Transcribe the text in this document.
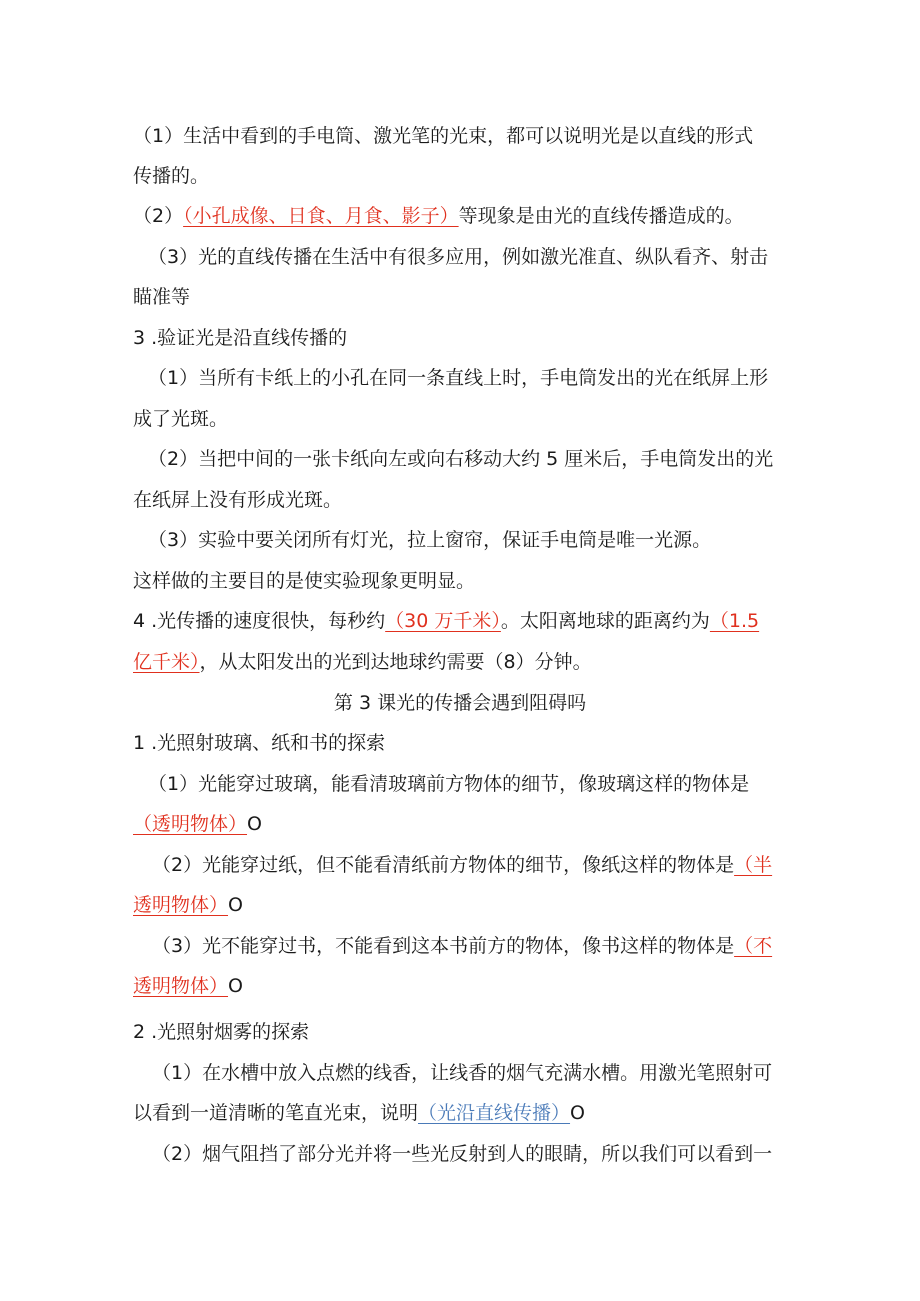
（1）生活中看到的手电筒、激光笔的光束，都可以说明光是以直线的形式
传播的。
（2）（小孔成像、日食、月食、影子）等现象是由光的直线传播造成的。
（3）光的直线传播在生活中有很多应用，例如激光准直、纵队看齐、射击
瞄准等
3 .验证光是沿直线传播的
（1）当所有卡纸上的小孔在同一条直线上时，手电筒发出的光在纸屏上形
成了光斑。
（2）当把中间的一张卡纸向左或向右移动大约 5 厘米后，手电筒发出的光
在纸屏上没有形成光斑。
（3）实验中要关闭所有灯光，拉上窗帘，保证手电筒是唯一光源。
这样做的主要目的是使实验现象更明显。
4 .光传播的速度很快，每秒约（30 万千米）。太阳离地球的距离约为（1.5
亿千米），从太阳发出的光到达地球约需要（8）分钟。
第 3 课光的传播会遇到阻碍吗
1 .光照射玻璃、纸和书的探索
（1）光能穿过玻璃，能看清玻璃前方物体的细节，像玻璃这样的物体是
（透明物体）O
（2）光能穿过纸，但不能看清纸前方物体的细节，像纸这样的物体是（半
透明物体）O
（3）光不能穿过书，不能看到这本书前方的物体，像书这样的物体是（不
透明物体）O
2 .光照射烟雾的探索
（1）在水槽中放入点燃的线香，让线香的烟气充满水槽。用激光笔照射可
以看到一道清晰的笔直光束，说明（光沿直线传播）O
（2）烟气阻挡了部分光并将一些光反射到人的眼睛，所以我们可以看到一
